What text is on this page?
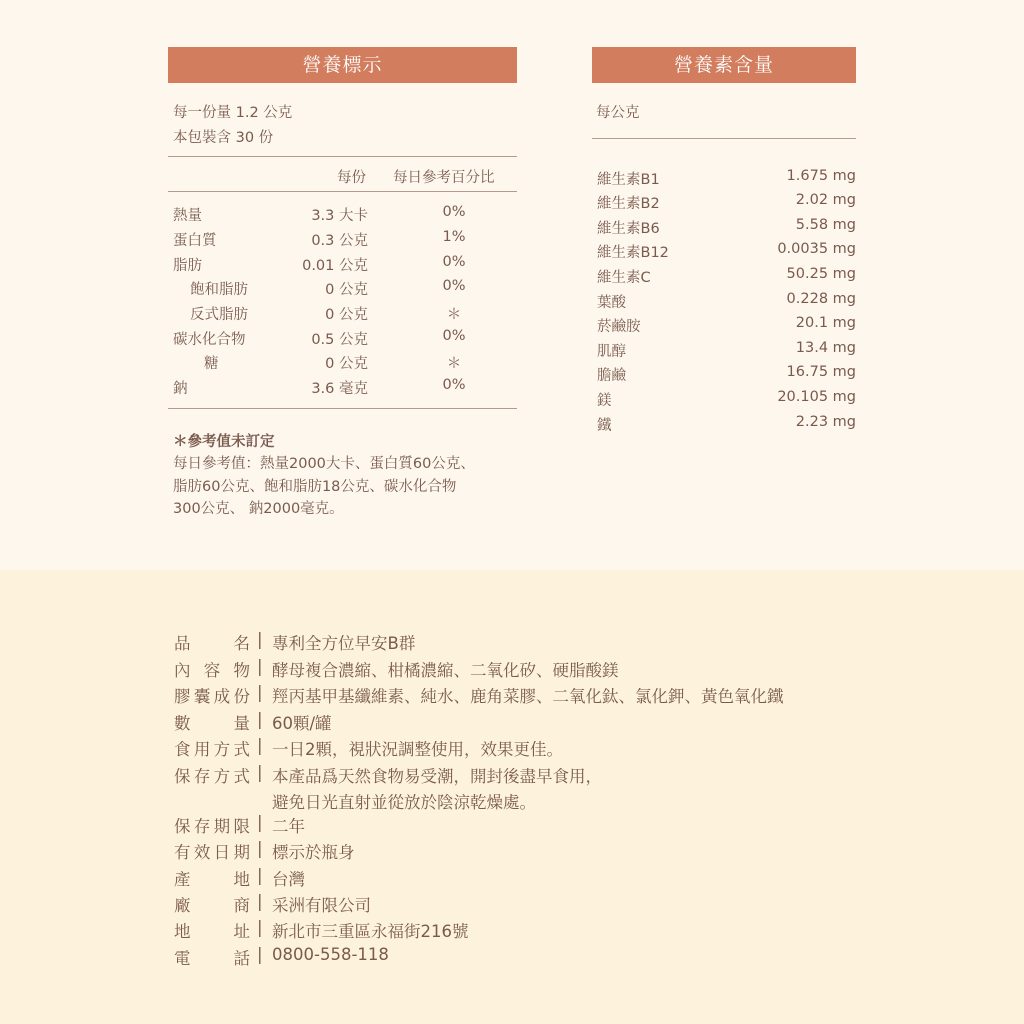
營養標示
每一份量 1.2 公克
本包裝含 30 份
每份 每日參考百分比
熱量	3.3 大卡	0%
蛋白質	0.3 公克	1%
脂肪	0.01 公克	0%
飽和脂肪	0 公克	0%
反式脂肪	0 公克	＊
碳水化合物	0.5 公克	0%
糖	0 公克	＊
鈉	3.6 毫克	0%
＊參考值未訂定
每日參考值：熱量2000大卡、蛋白質60公克、
脂肪60公克、飽和脂肪18公克、碳水化合物
300公克、 鈉2000毫克。
營養素含量
每公克
維生素B1	1.675 mg
維生素B2	2.02 mg
維生素B6	5.58 mg
維生素B12	0.0035 mg
維生素C	50.25 mg
葉酸	0.228 mg
菸鹼胺	20.1 mg
肌醇	13.4 mg
膽鹼	16.75 mg
鎂	20.105 mg
鐵	2.23 mg
品	名 | 專利全方位早安B群
內 容 物 | 酵母複合濃縮、柑橘濃縮、二氧化矽、硬脂酸鎂
膠 囊 成 份 | 羥丙基甲基纖維素、純水、鹿角菜膠、二氧化鈦、氯化鉀、黃色氧化鐵
數	量 | 60顆/罐
食 用 方 式 | 一日2顆，視狀況調整使用，效果更佳。
保 存 方 式 | 本產品爲天然食物易受潮，開封後盡早食用，
避免日光直射並從放於陰涼乾燥處。
保 存 期 限 | 二年
有 效 日 期 | 標示於瓶身
產	地 | 台灣
廠	商 | 采洲有限公司
地	址 | 新北市三重區永福街216號
電	話 | 0800-558-118
